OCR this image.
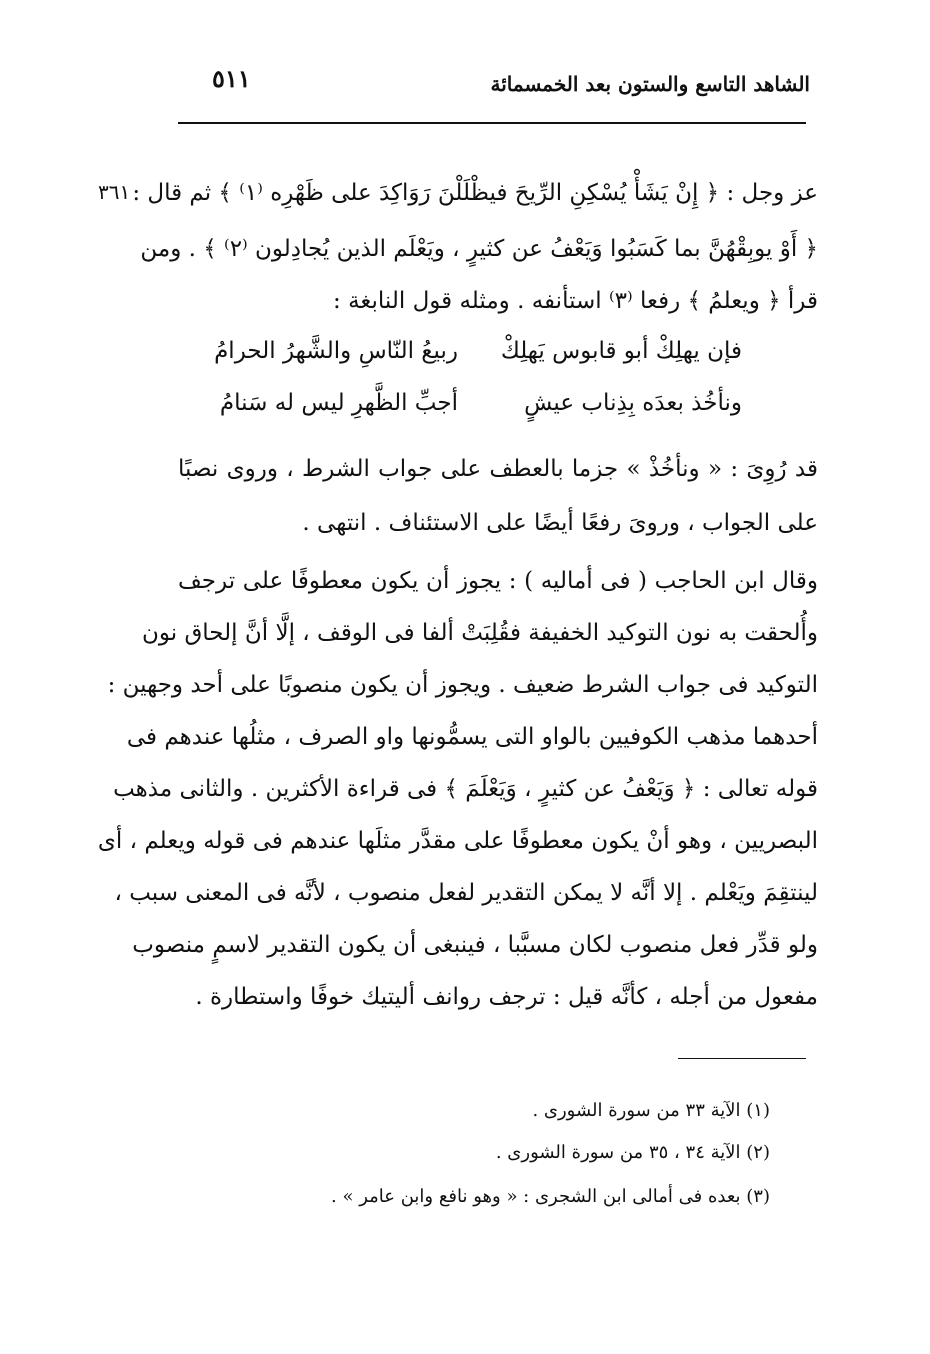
الشاهد التاسع والستون بعد الخمسمائة
٥١١
٣٦١ عز وجل : ﴿ إِنْ يَشَأْ يُسْكِنِ الرِّيحَ فيظْلَلْنَ رَوَاكِدَ على ظَهْرِه ⁽١⁾ ﴾ ثم قال :
﴿ أَوْ يوبِقْهُنَّ بما كَسَبُوا وَيَعْفُ عن كثيرٍ ، ويَعْلَم الذين يُجادِلون ⁽٢⁾ ﴾ . ومن
قرأ ﴿ ويعلمُ ﴾ رفعا ⁽٣⁾ استأنفه . ومثله قول النابغة :
فإن يهلِكْ أبو قابوس يَهلِكْ
ربيعُ النّاسِ والشَّهرُ الحرامُ
ونأخُذ بعدَه بِذِناب عيشٍ
أجبِّ الظَّهرِ ليس له سَنامُ
قد رُوِىَ : « ونأخُذْ » جزما بالعطف على جواب الشرط ، وروى نصبًا
على الجواب ، وروىَ رفعًا أيضًا على الاستئناف . انتهى .
وقال ابن الحاجب ( فى أماليه ) : يجوز أن يكون معطوفًا على ترجف
وأُلحقت به نون التوكيد الخفيفة فقُلِبَتْ ألفا فى الوقف ، إلَّا أنَّ إلحاق نون
التوكيد فى جواب الشرط ضعيف . ويجوز أن يكون منصوبًا على أحد وجهين :
أحدهما مذهب الكوفيين بالواو التى يسمُّونها واو الصرف ، مثلُها عندهم فى
قوله تعالى : ﴿ وَيَعْفُ عن كثيرٍ ، وَيَعْلَمَ ﴾ فى قراءة الأكثرين . والثانى مذهب
البصريين ، وهو أنْ يكون معطوفًا على مقدَّر مثلَها عندهم فى قوله ويعلم ، أى
لينتقِمَ ويَعْلم . إلا أنَّه لا يمكن التقدير لفعل منصوب ، لأنَّه فى المعنى سبب ،
ولو قدِّر فعل منصوب لكان مسبَّبا ، فينبغى أن يكون التقدير لاسمٍ منصوب
مفعول من أجله ، كأنَّه قيل : ترجف روانف أليتيك خوفًا واستطارة .
(١) الآية ٣٣ من سورة الشورى .
(٢) الآية ٣٤ ، ٣٥ من سورة الشورى .
(٣) بعده فى أمالى ابن الشجرى : « وهو نافع وابن عامر » .
